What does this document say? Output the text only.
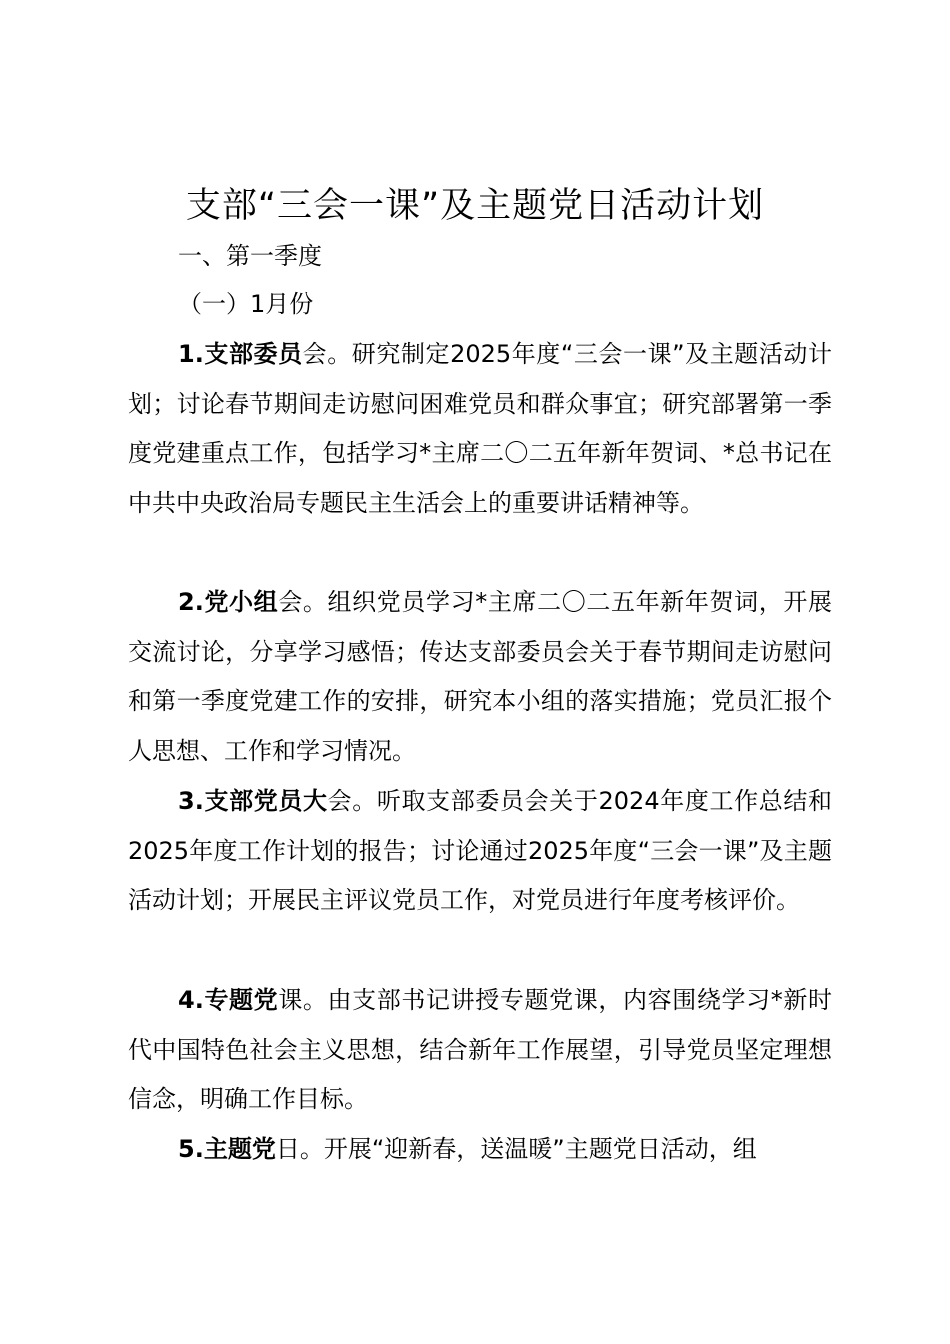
支部“三会一课”及主题党日活动计划
一、第一季度
（一）1月份

1.支部委员会。研究制定2025年度“三会一课”及主题活动计划；讨论春节期间走访慰问困难党员和群众事宜；研究部署第一季度党建重点工作，包括学习*主席二〇二五年新年贺词、*总书记在中共中央政治局专题民主生活会上的重要讲话精神等。

2.党小组会。组织党员学习*主席二〇二五年新年贺词，开展交流讨论，分享学习感悟；传达支部委员会关于春节期间走访慰问和第一季度党建工作的安排，研究本小组的落实措施；党员汇报个人思想、工作和学习情况。

3.支部党员大会。听取支部委员会关于2024年度工作总结和2025年度工作计划的报告；讨论通过2025年度“三会一课”及主题活动计划；开展民主评议党员工作，对党员进行年度考核评价。

4.专题党课。由支部书记讲授专题党课，内容围绕学习*新时代中国特色社会主义思想，结合新年工作展望，引导党员坚定理想信念，明确工作目标。

5.主题党日。开展“迎新春，送温暖”主题党日活动，组
